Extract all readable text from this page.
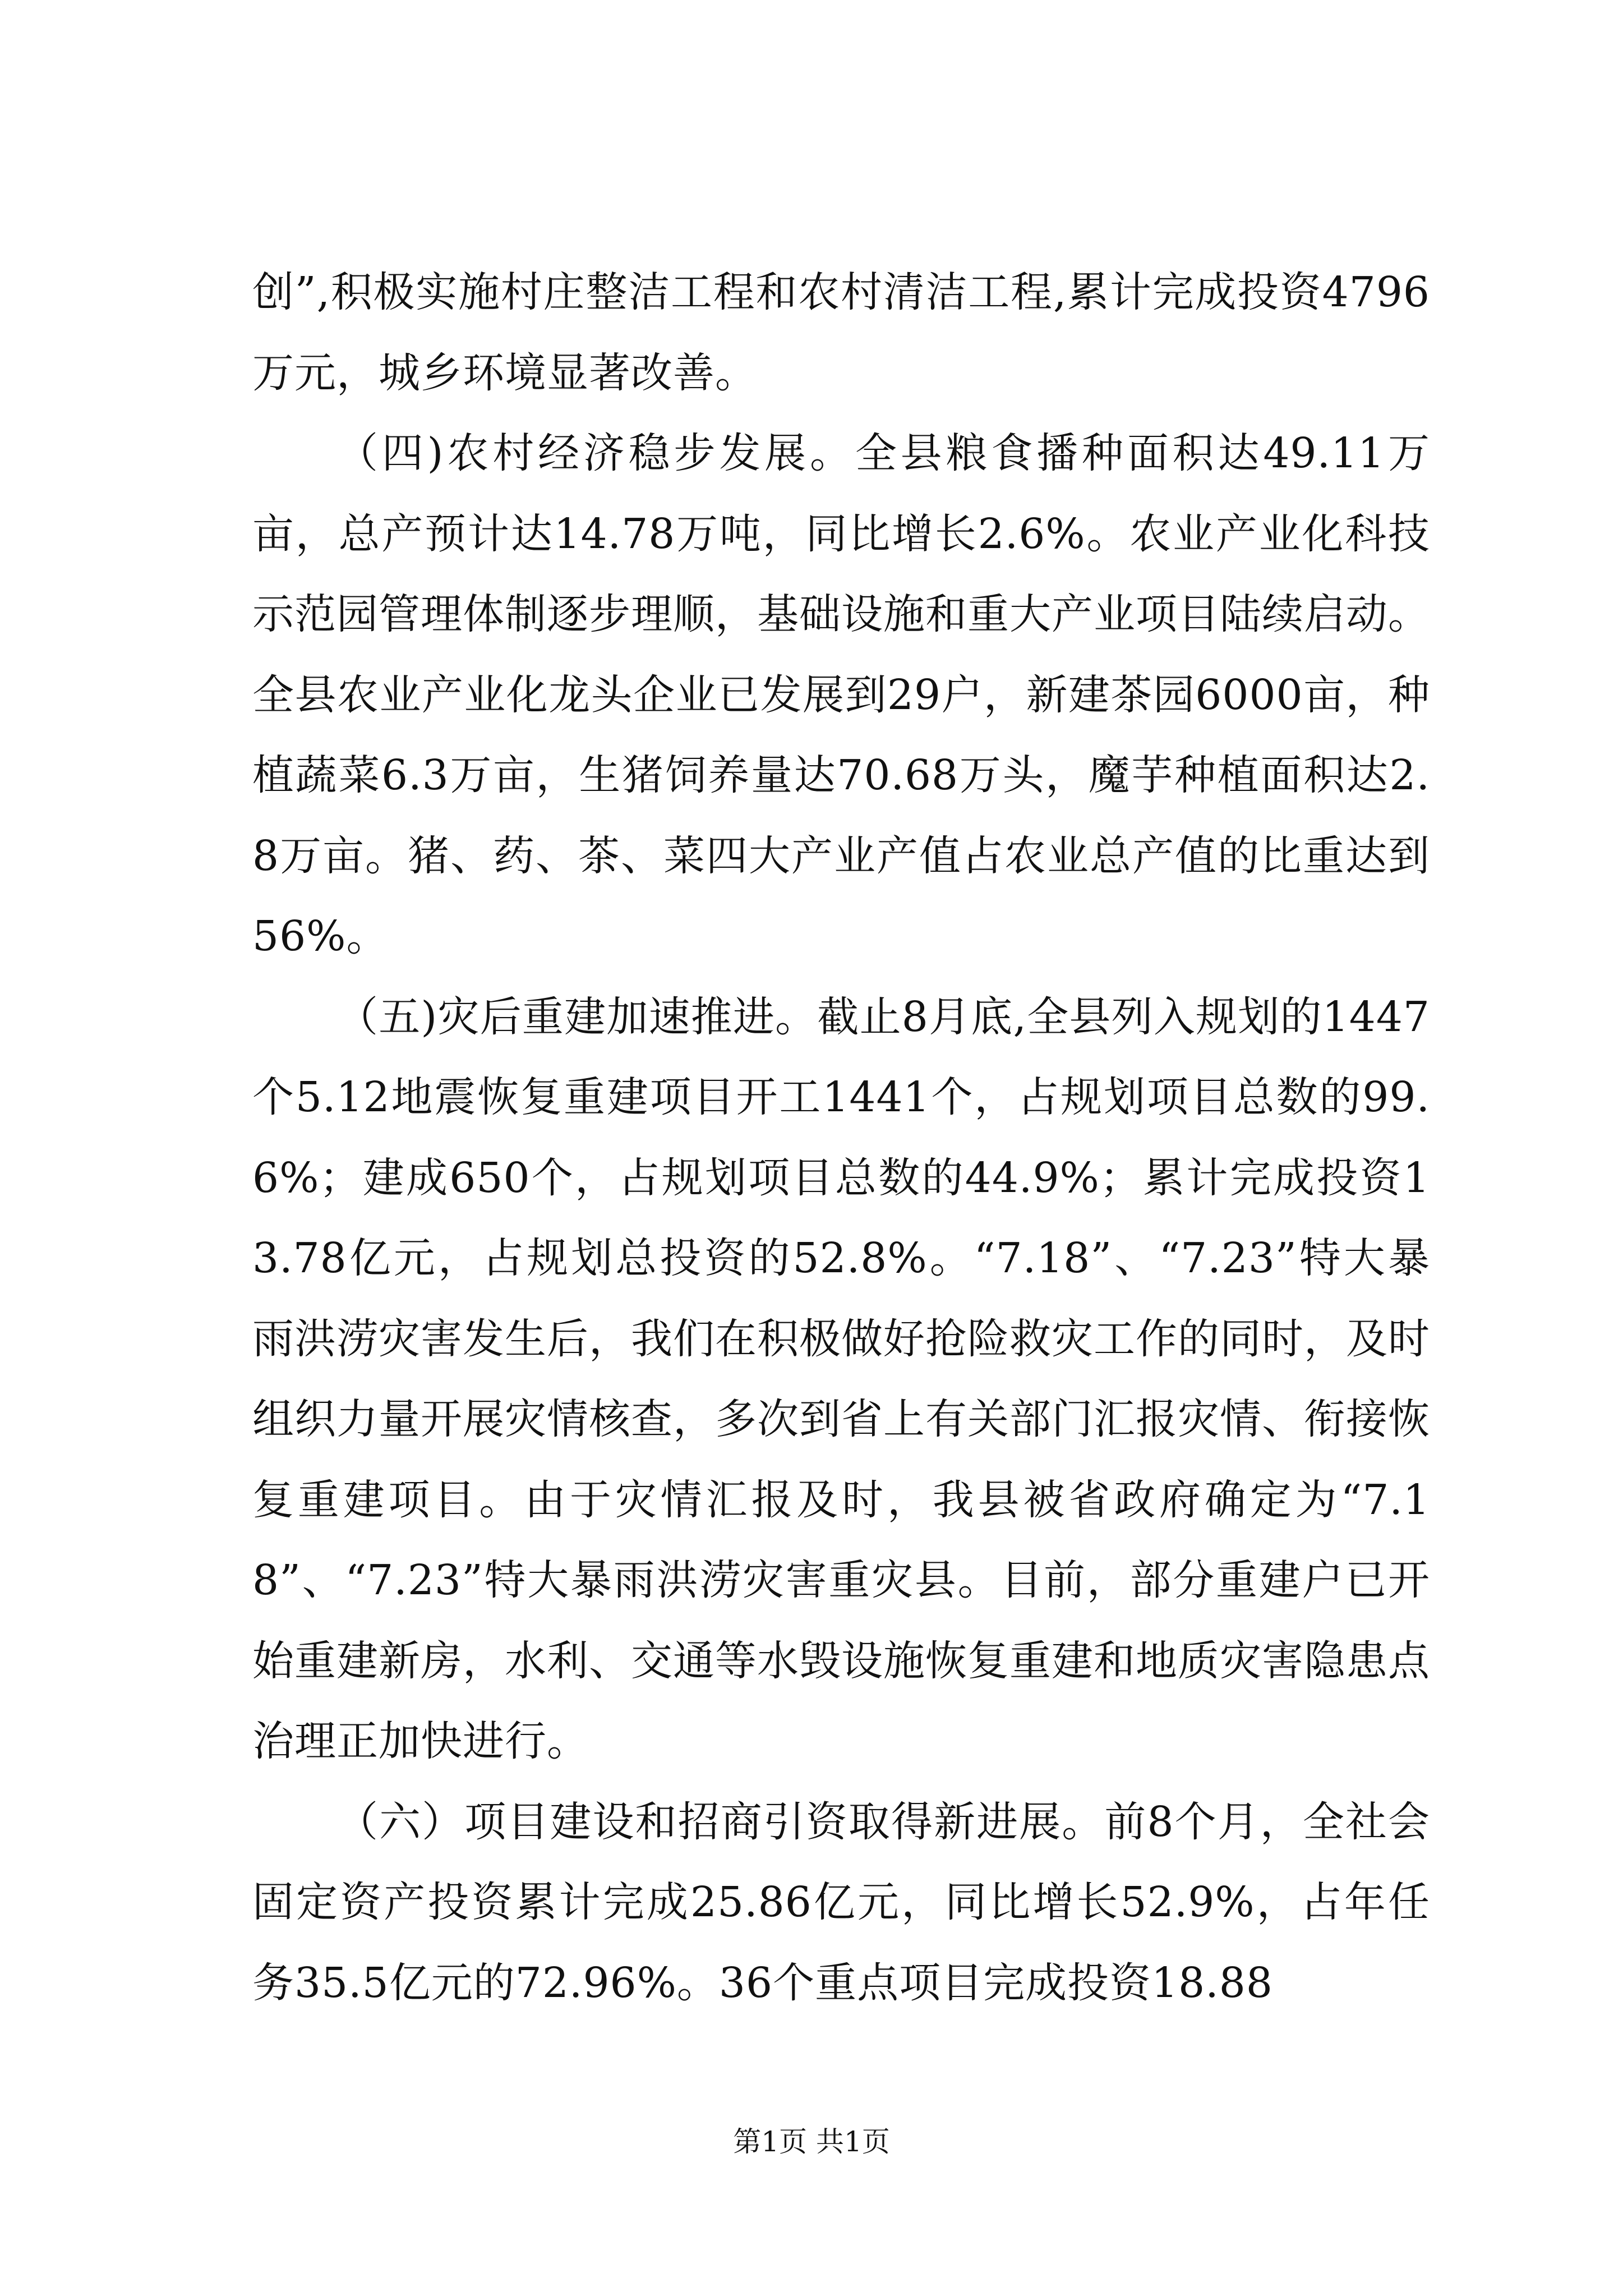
创”,积极实施村庄整洁工程和农村清洁工程,累计完成投资4796万元，城乡环境显著改善。

（四)农村经济稳步发展。全县粮食播种面积达49.11万亩，总产预计达14.78万吨，同比增长2.6%。农业产业化科技示范园管理体制逐步理顺，基础设施和重大产业项目陆续启动。全县农业产业化龙头企业已发展到29户，新建茶园6000亩，种植蔬菜6.3万亩，生猪饲养量达70.68万头，魔芋种植面积达2.8万亩。猪、药、茶、菜四大产业产值占农业总产值的比重达到56%。

（五)灾后重建加速推进。截止8月底,全县列入规划的1447个5.12地震恢复重建项目开工1441个，占规划项目总数的99.6%；建成650个，占规划项目总数的44.9%；累计完成投资13.78亿元，占规划总投资的52.8%。“7.18”、“7.23”特大暴雨洪涝灾害发生后，我们在积极做好抢险救灾工作的同时，及时组织力量开展灾情核查，多次到省上有关部门汇报灾情、衔接恢复重建项目。由于灾情汇报及时，我县被省政府确定为“7.18”、“7.23”特大暴雨洪涝灾害重灾县。目前，部分重建户已开始重建新房，水利、交通等水毁设施恢复重建和地质灾害隐患点治理正加快进行。

（六）项目建设和招商引资取得新进展。前8个月，全社会固定资产投资累计完成25.86亿元，同比增长52.9%，占年任务35.5亿元的72.96%。36个重点项目完成投资18.88

第1页 共1页
